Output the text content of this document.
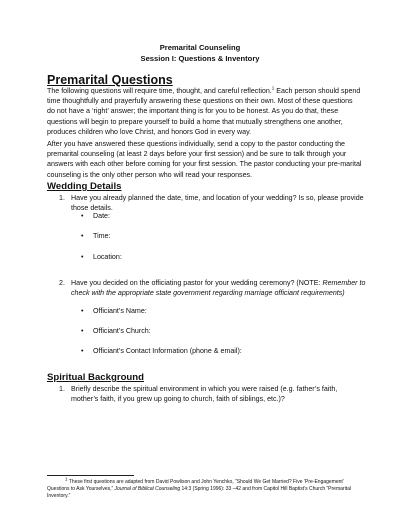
Premarital Counseling
Session I: Questions & Inventory
Premarital Questions
The following questions will require time, thought, and careful reflection.$^1$ Each person should spend time thoughtfully and prayerfully answering these questions on their own. Most of these questions do not have a ‘right’ answer; the important thing is for you to be honest. As you do that, these questions will begin to prepare yourself to build a home that mutually strengthens one another, produces children who love Christ, and honors God in every way.
After you have answered these questions individually, send a copy to the pastor conducting the premarital counseling (at least 2 days before your first session) and be sure to talk through your answers with each other before coming for your first session. The pastor conducting your pre-marital counseling is the only other person who will read your responses.
Wedding Details
1. Have you already planned the date, time, and location of your wedding? Is so, please provide those details.
• Date:
• Time:
• Location:
2. Have you decided on the officiating pastor for your wedding ceremony? (NOTE: Remember to check with the appropriate state government regarding marriage officiant requirements)
• Officiant’s Name:
• Officiant’s Church:
• Officiant’s Contact Information (phone & email):
Spiritual Background
1. Briefly describe the spiritual environment in which you were raised (e.g. father’s faith, mother’s faith, if you grew up going to church, faith of siblings, etc.)?
$^1$ These first questions are adapted from David Powlison and John Yenchko, “Should We Get Married? Five ‘Pre-Engagement’ Questions to Ask Yourselves,” Journal of Biblical Counseling 14:3 (Spring 1996): 33 –42 and from Capitol Hill Baptist’s Church “Premarital Inventory.”
